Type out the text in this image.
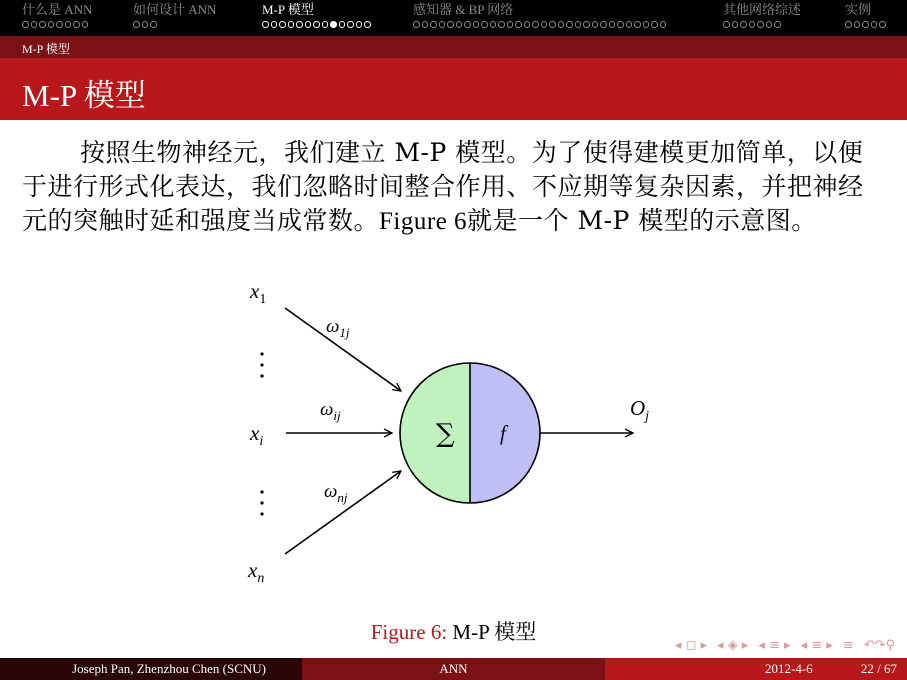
什么是 ANN	如何设计 ANN	M-P 模型	感知器 & BP 网络	其他网络综述	实例
M-P 模型
M-P 模型
按照生物神经元，我们建立 M-P 模型。为了使得建模更加简单，以便于进行形式化表达，我们忽略时间整合作用、不应期等复杂因素，并把神经元的突触时延和强度当成常数。Figure 6就是一个 M-P 模型的示意图。
$x_1$
$x_i$
$x_n$
$\omega_{1j}$
$\omega_{ij}$
$\omega_{nj}$
∑ f
$O_j$
Figure 6: M-P 模型
◂ ◻ ▸ ◂ ◈ ▸ ◂ ≡ ▸ ◂ ≡ ▸ ≡ ↶↷⚲
Joseph Pan, Zhenzhou Chen (SCNU)	ANN	2012-4-6	22 / 67
